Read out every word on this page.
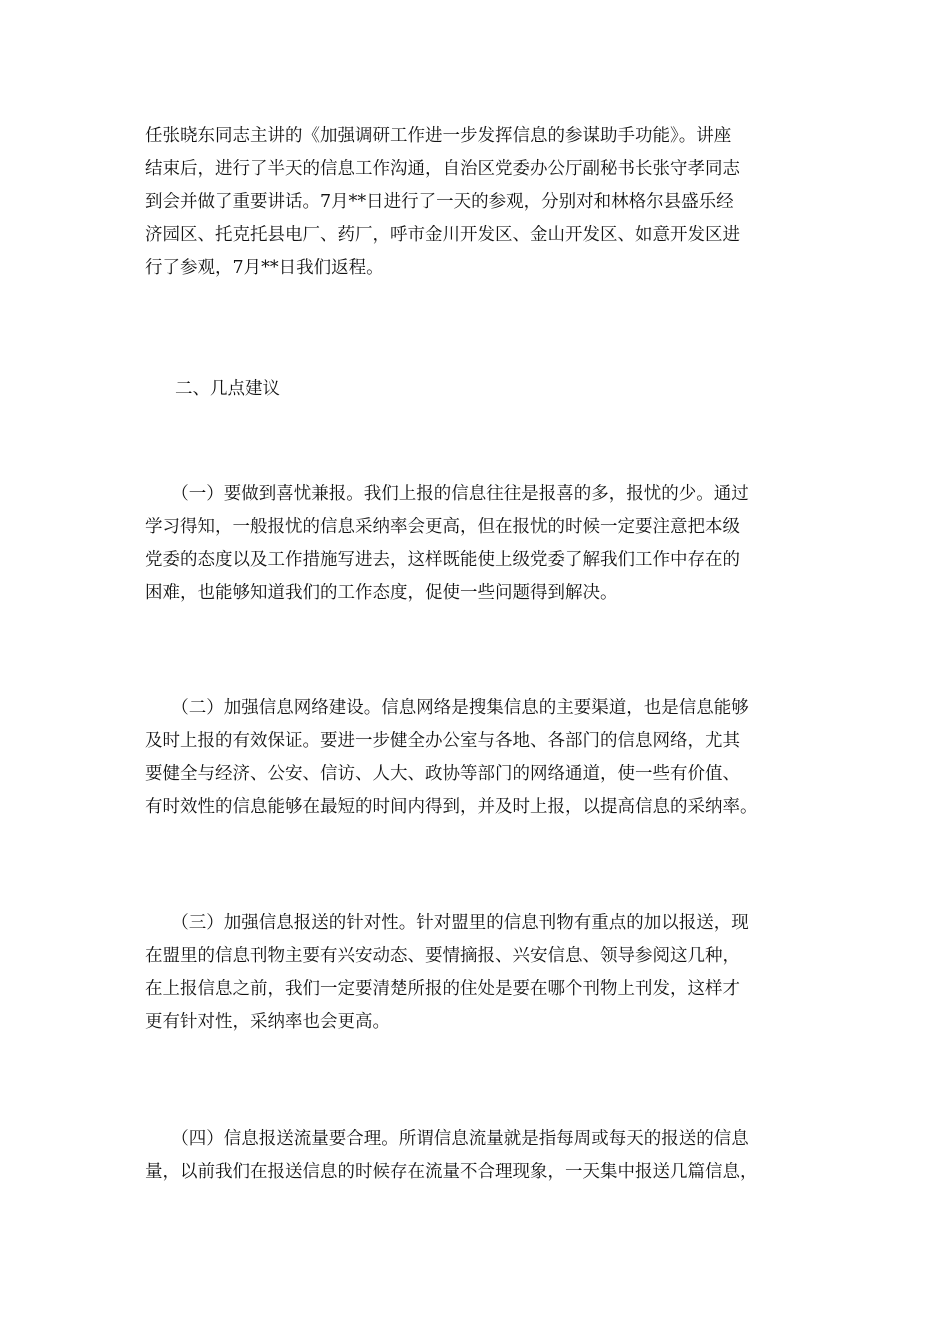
任张晓东同志主讲的《加强调研工作进一步发挥信息的参谋助手功能》。讲座
结束后，进行了半天的信息工作沟通，自治区党委办公厅副秘书长张守孝同志
到会并做了重要讲话。7月**日进行了一天的参观，分别对和林格尔县盛乐经
济园区、托克托县电厂、药厂，呼市金川开发区、金山开发区、如意开发区进
行了参观，7月**日我们返程。
二、几点建议
　　（一）要做到喜忧兼报。我们上报的信息往往是报喜的多，报忧的少。通过
学习得知，一般报忧的信息采纳率会更高，但在报忧的时候一定要注意把本级
党委的态度以及工作措施写进去，这样既能使上级党委了解我们工作中存在的
困难，也能够知道我们的工作态度，促使一些问题得到解决。
　　（二）加强信息网络建设。信息网络是搜集信息的主要渠道，也是信息能够
及时上报的有效保证。要进一步健全办公室与各地、各部门的信息网络，尤其
要健全与经济、公安、信访、人大、政协等部门的网络通道，使一些有价值、
有时效性的信息能够在最短的时间内得到，并及时上报，以提高信息的采纳率。
　　（三）加强信息报送的针对性。针对盟里的信息刊物有重点的加以报送，现
在盟里的信息刊物主要有兴安动态、要情摘报、兴安信息、领导参阅这几种，
在上报信息之前，我们一定要清楚所报的住处是要在哪个刊物上刊发，这样才
更有针对性，采纳率也会更高。
　　（四）信息报送流量要合理。所谓信息流量就是指每周或每天的报送的信息
量，以前我们在报送信息的时候存在流量不合理现象，一天集中报送几篇信息，
